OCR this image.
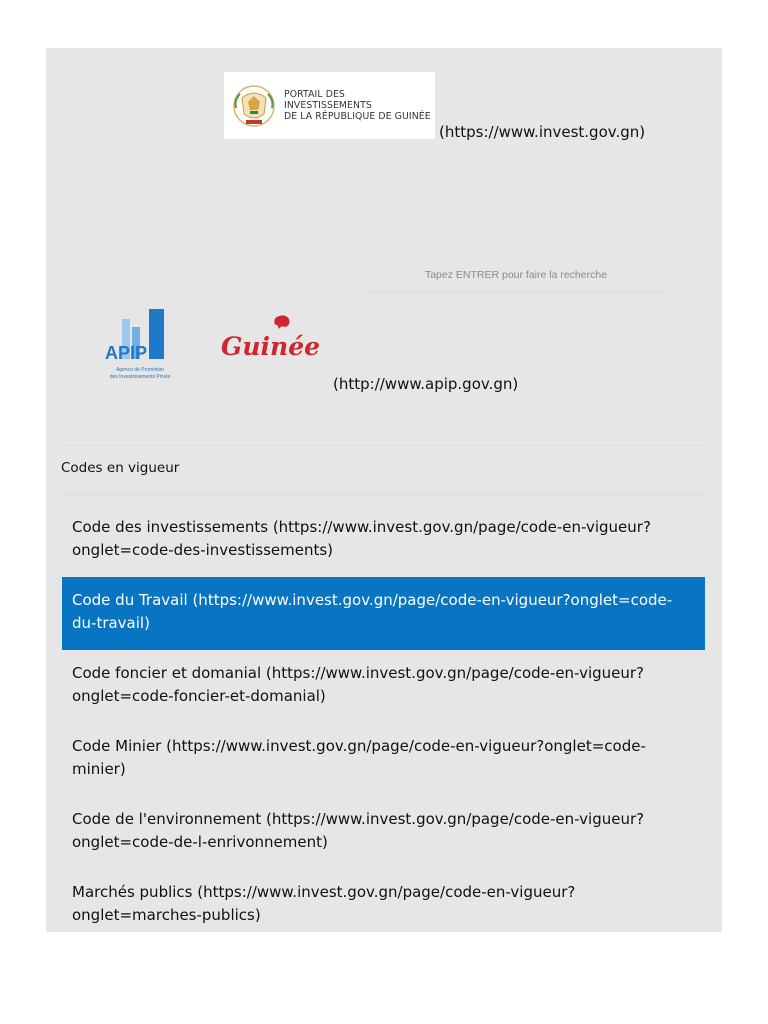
PORTAIL DES INVESTISSEMENTS
DE LA RÉPUBLIQUE DE GUINÉE
(https://www.invest.gov.gn)
Tapez ENTRER pour faire la recherche
APIP
Agence de Promotion
des Investissements Privés
Guinée
(http://www.apip.gov.gn)
Codes en vigueur
Code des investissements (https://www.invest.gov.gn/page/code-en-vigueur?onglet=code-des-investissements)
Code du Travail (https://www.invest.gov.gn/page/code-en-vigueur?onglet=code-du-travail)
Code foncier et domanial (https://www.invest.gov.gn/page/code-en-vigueur?onglet=code-foncier-et-domanial)
Code Minier (https://www.invest.gov.gn/page/code-en-vigueur?onglet=code-minier)
Code de l'environnement (https://www.invest.gov.gn/page/code-en-vigueur?onglet=code-de-l-enrivonnement)
Marchés publics (https://www.invest.gov.gn/page/code-en-vigueur?onglet=marches-publics)
